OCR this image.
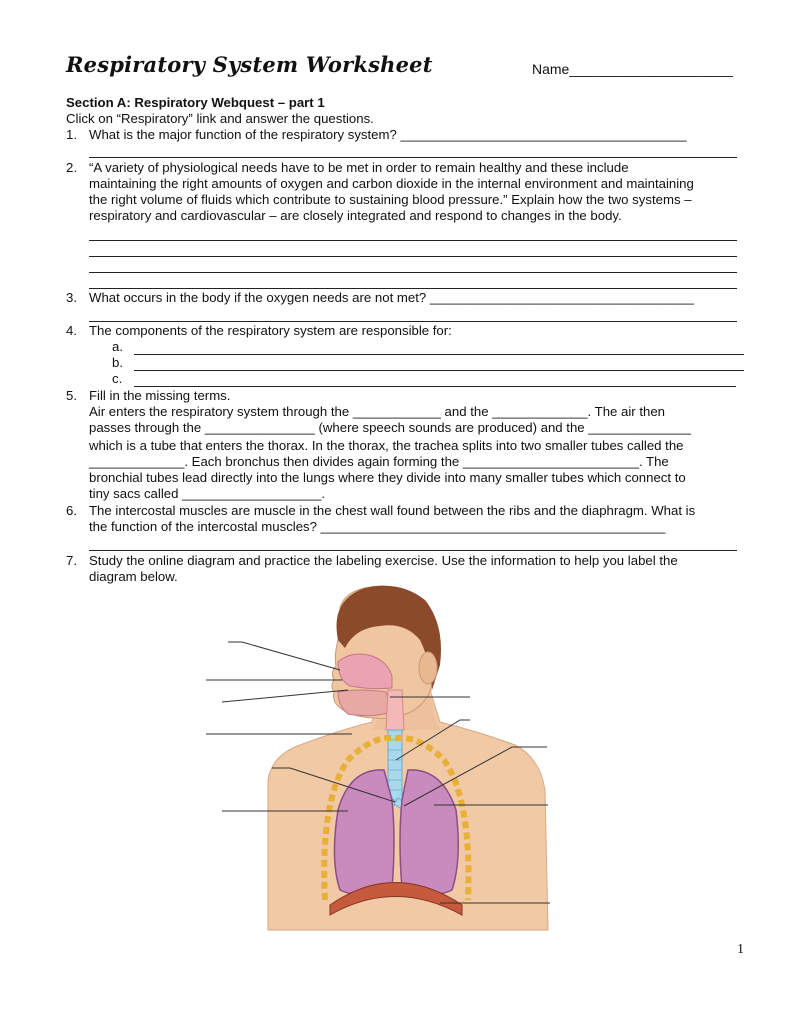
Respiratory System Worksheet	Name_____________________
Section A: Respiratory Webquest – part 1
Click on “Respiratory” link and answer the questions.
1. What is the major function of the respiratory system? _______________________________________
2. “A variety of physiological needs have to be met in order to remain healthy and these include
maintaining the right amounts of oxygen and carbon dioxide in the internal environment and maintaining
the right volume of fluids which contribute to sustaining blood pressure.” Explain how the two systems –
respiratory and cardiovascular – are closely integrated and respond to changes in the body.
3. What occurs in the body if the oxygen needs are not met? ____________________________________
4. The components of the respiratory system are responsible for:
a.
b.
c.
5. Fill in the missing terms.
Air enters the respiratory system through the ____________ and the _____________. The air then
passes through the _______________ (where speech sounds are produced) and the ______________
which is a tube that enters the thorax. In the thorax, the trachea splits into two smaller tubes called the
_____________. Each bronchus then divides again forming the ________________________. The
bronchial tubes lead directly into the lungs where they divide into many smaller tubes which connect to
tiny sacs called ___________________.
6. The intercostal muscles are muscle in the chest wall found between the ribs and the diaphragm. What is
the function of the intercostal muscles? _______________________________________________
7. Study the online diagram and practice the labeling exercise. Use the information to help you label the
diagram below.
1
